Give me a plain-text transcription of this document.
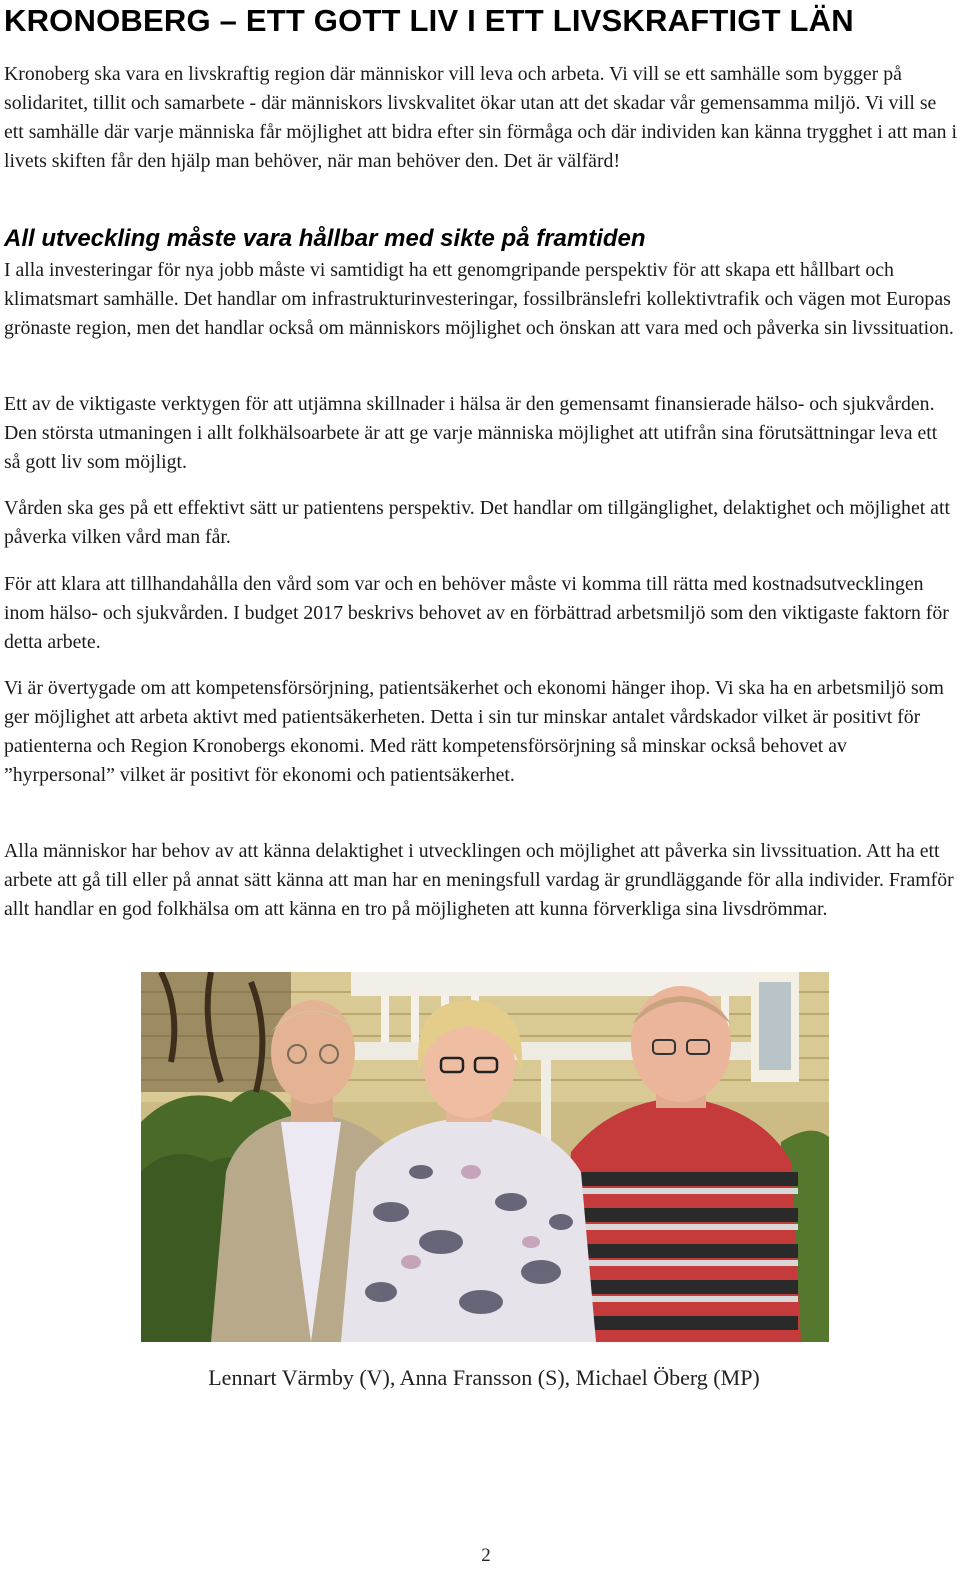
KRONOBERG – ETT GOTT LIV I ETT LIVSKRAFTIGT LÄN

Kronoberg ska vara en livskraftig region där människor vill leva och arbeta. Vi vill se ett samhälle som bygger på solidaritet, tillit och samarbete - där människors livskvalitet ökar utan att det skadar vår gemensamma miljö. Vi vill se ett samhälle där varje människa får möjlighet att bidra efter sin förmåga och där individen kan känna trygghet i att man i livets skiften får den hjälp man behöver, när man behöver den. Det är välfärd!

All utveckling måste vara hållbar med sikte på framtiden

I alla investeringar för nya jobb måste vi samtidigt ha ett genomgripande perspektiv för att skapa ett hållbart och klimatsmart samhälle. Det handlar om infrastrukturinvesteringar, fossilbränslefri kollektivtrafik och vägen mot Europas grönaste region, men det handlar också om människors möjlighet och önskan att vara med och påverka sin livssituation.

Ett av de viktigaste verktygen för att utjämna skillnader i hälsa är den gemensamt finansierade hälso- och sjukvården. Den största utmaningen i allt folkhälsoarbete är att ge varje människa möjlighet att utifrån sina förutsättningar leva ett så gott liv som möjligt.

Vården ska ges på ett effektivt sätt ur patientens perspektiv. Det handlar om tillgänglighet, delaktighet och möjlighet att påverka vilken vård man får.

För att klara att tillhandahålla den vård som var och en behöver måste vi komma till rätta med kostnadsutvecklingen inom hälso- och sjukvården. I budget 2017 beskrivs behovet av en förbättrad arbetsmiljö som den viktigaste faktorn för detta arbete.

Vi är övertygade om att kompetensförsörjning, patientsäkerhet och ekonomi hänger ihop. Vi ska ha en arbetsmiljö som ger möjlighet att arbeta aktivt med patientsäkerheten. Detta i sin tur minskar antalet vårdskador vilket är positivt för patienterna och Region Kronobergs ekonomi. Med rätt kompetensförsörjning så minskar också behovet av ”hyrpersonal” vilket är positivt för ekonomi och patientsäkerhet.

Alla människor har behov av att känna delaktighet i utvecklingen och möjlighet att påverka sin livssituation. Att ha ett arbete att gå till eller på annat sätt känna att man har en meningsfull vardag är grundläggande för alla individer. Framför allt handlar en god folkhälsa om att känna en tro på möjligheten att kunna förverkliga sina livsdrömmar.

Lennart Värmby (V), Anna Fransson (S), Michael Öberg (MP)

2
